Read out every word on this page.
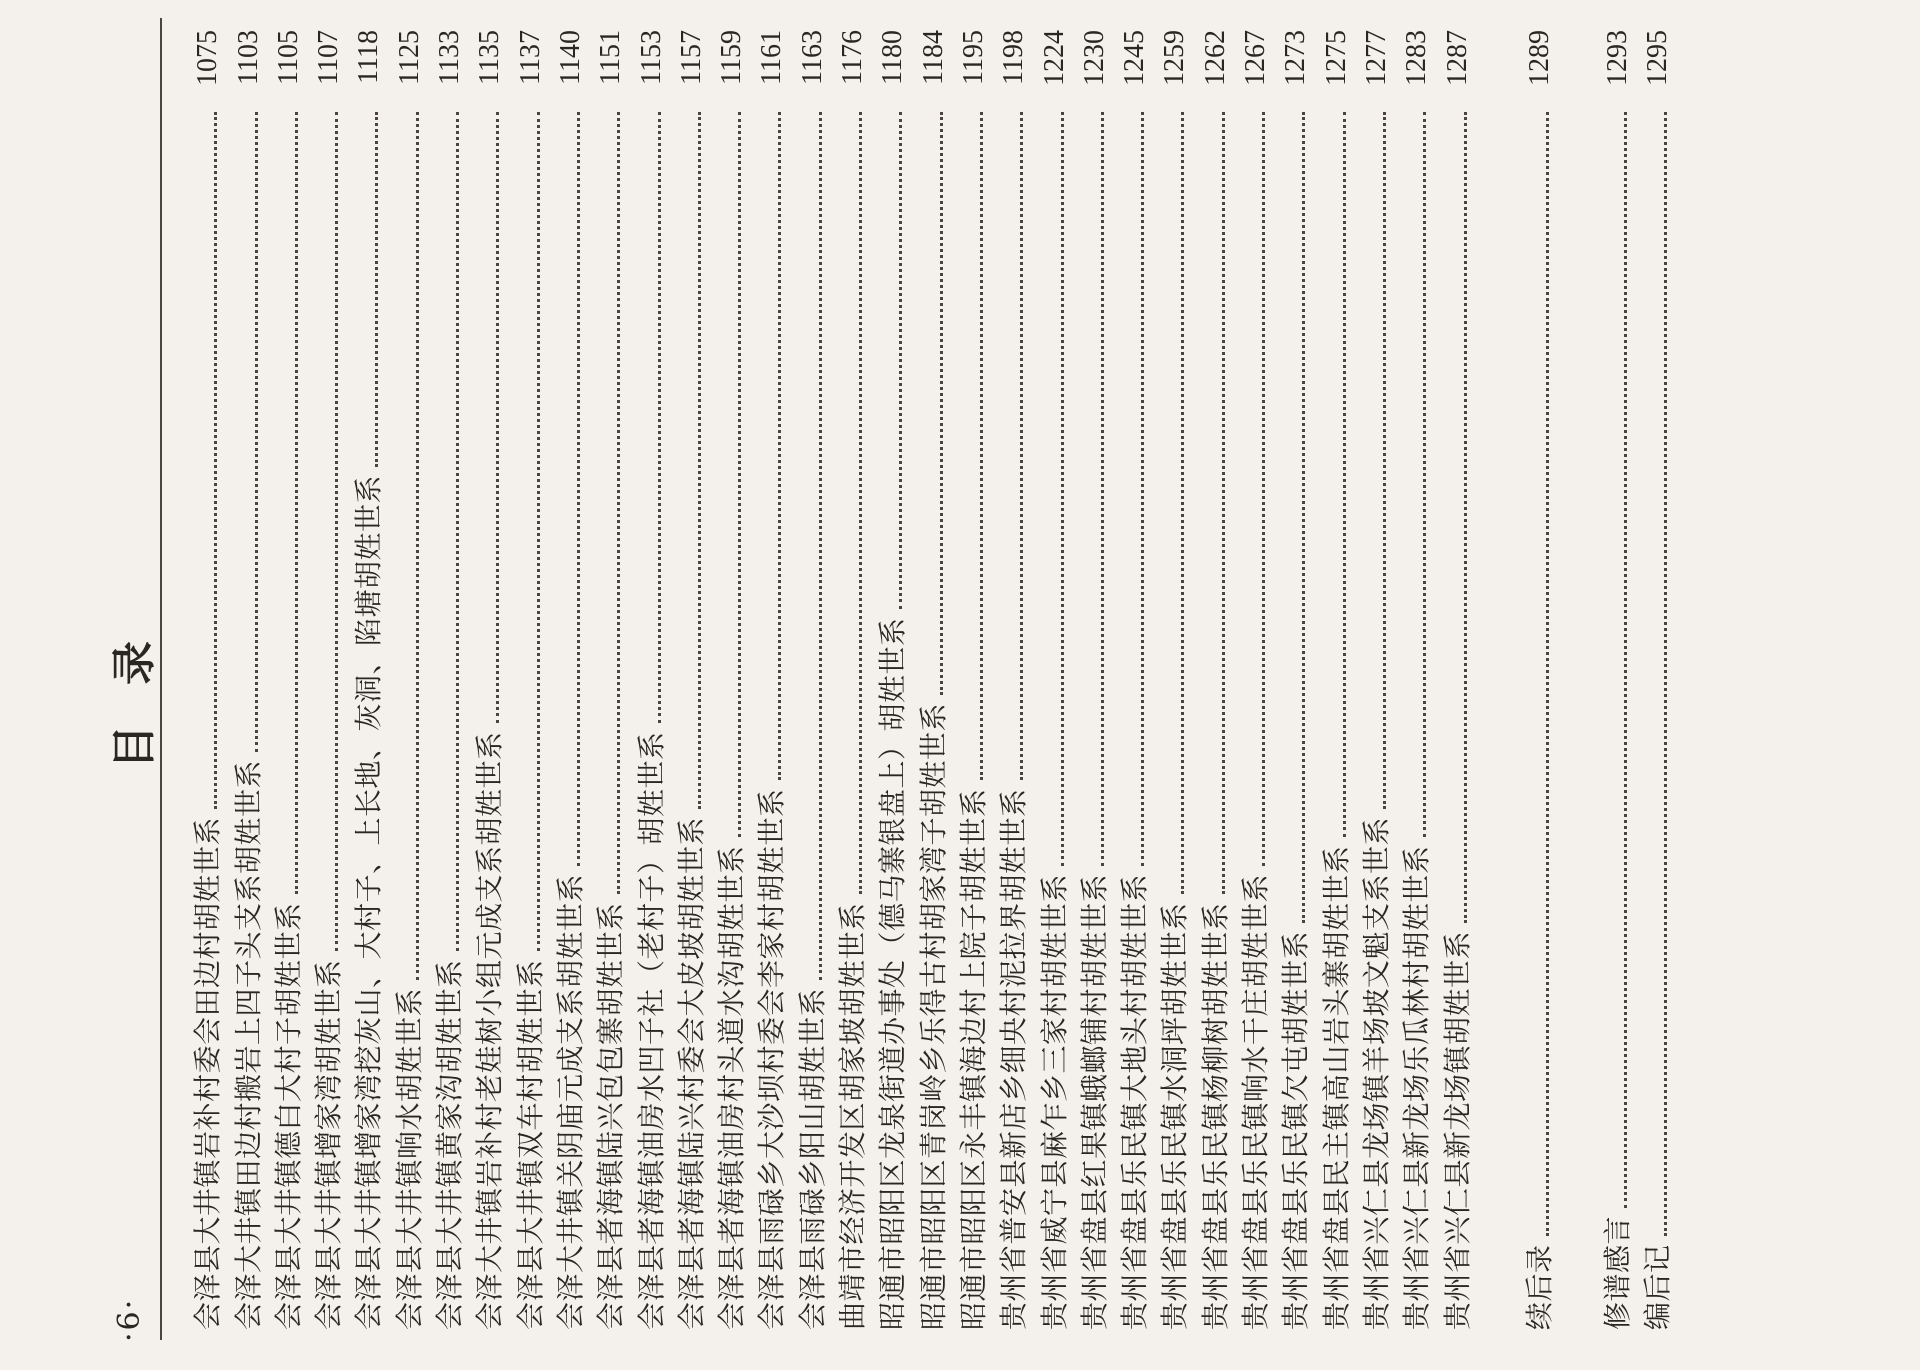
·6·
目录
会泽县大井镇岩补村委会田边村胡姓世系
1075
会泽大井镇田边村搬岩上四子头支系胡姓世系
1103
会泽县大井镇德白大村子胡姓世系
1105
会泽县大井镇增家湾胡姓世系
1107
会泽县大井镇增家湾挖灰山、大村子、上长地、灰洞、陷塘胡姓世系
1118
会泽县大井镇响水胡姓世系
1125
会泽县大井镇黄家沟胡姓世系
1133
会泽大井镇岩补村老娃树小组元成支系胡姓世系
1135
会泽县大井镇双车村胡姓世系
1137
会泽大井镇关阴庙元成支系胡姓世系
1140
会泽县者海镇陆兴包包寨胡姓世系
1151
会泽县者海镇油房水凹子社（老村子）胡姓世系
1153
会泽县者海镇陆兴村委会大皮坡胡姓世系
1157
会泽县者海镇油房村头道水沟胡姓世系
1159
会泽县雨碌乡大沙坝村委会李家村胡姓世系
1161
会泽县雨碌乡阳山胡姓世系
1163
曲靖市经济开发区胡家坡胡姓世系
1176
昭通市昭阳区龙泉街道办事处（德马寨银盘上）胡姓世系
1180
昭通市昭阳区青岗岭乡乐得古村胡家湾子胡姓世系
1184
昭通市昭阳区永丰镇海边村上院子胡姓世系
1195
贵州省普安县新店乡细央村泥拉界胡姓世系
1198
贵州省威宁县麻乍乡三家村胡姓世系
1224
贵州省盘县红果镇蛾螂铺村胡姓世系
1230
贵州省盘县乐民镇大地头村胡姓世系
1245
贵州省盘县乐民镇水洞坪胡姓世系
1259
贵州省盘县乐民镇杨柳树胡姓世系
1262
贵州省盘县乐民镇响水干庄胡姓世系
1267
贵州省盘县乐民镇欠屯胡姓世系
1273
贵州省盘县民主镇高山岩头寨胡姓世系
1275
贵州省兴仁县龙场镇羊场坡文魁支系世系
1277
贵州省兴仁县新龙场乐瓜林村胡姓世系
1283
贵州省兴仁县新龙场镇胡姓世系
1287
续后录
1289
修谱感言
1293
编后记
1295
